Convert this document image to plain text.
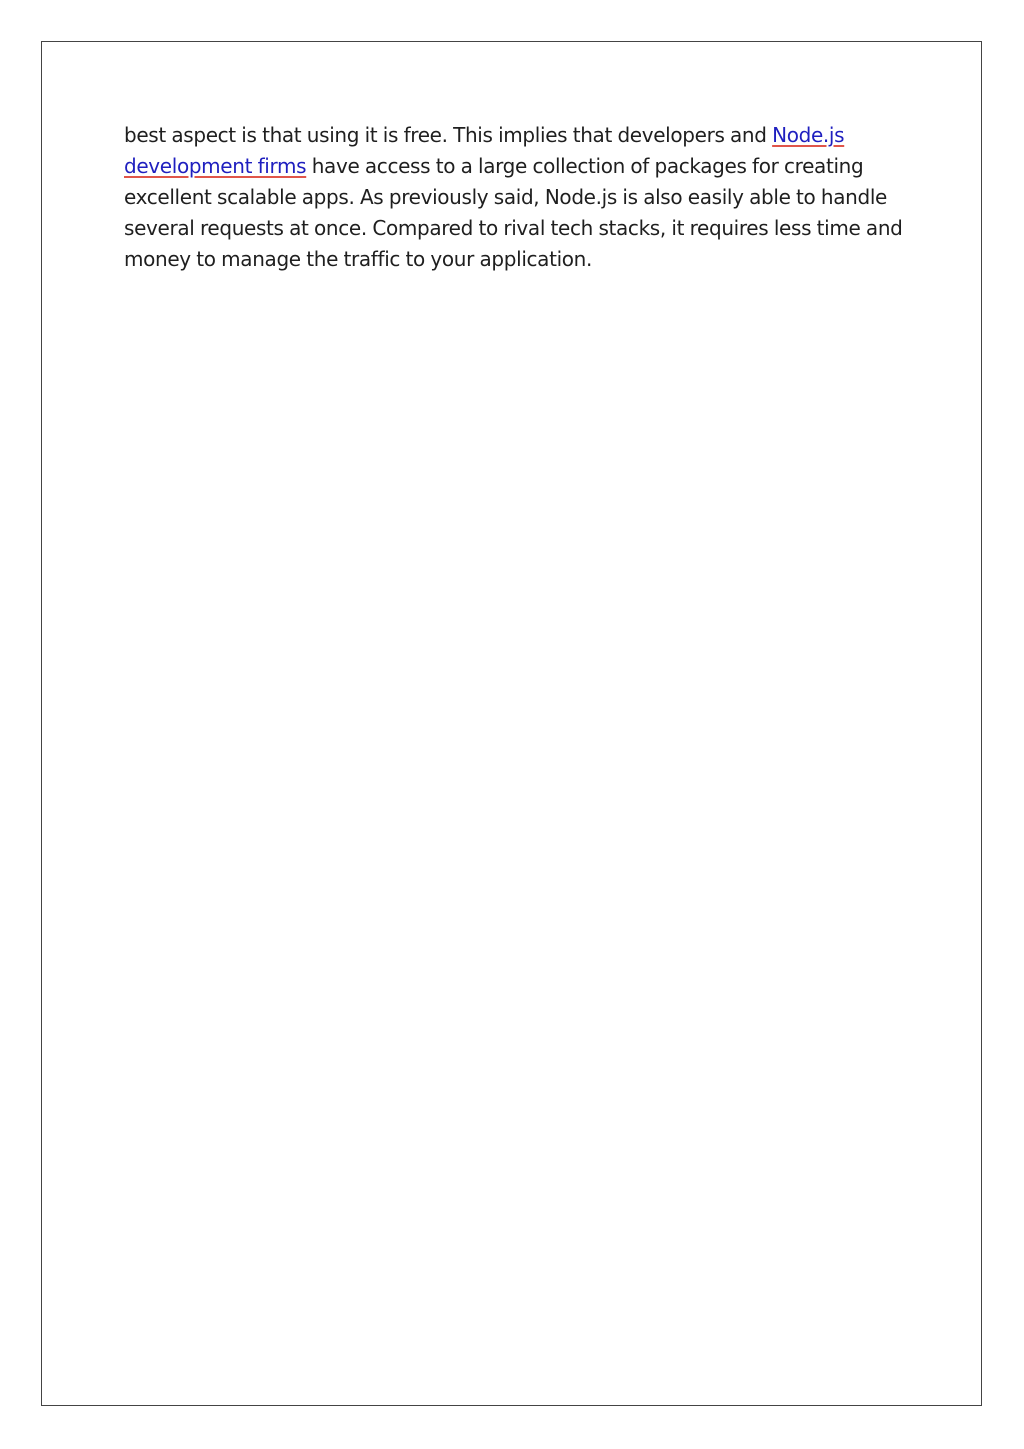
best aspect is that using it is free. This implies that developers and Node.js development firms have access to a large collection of packages for creating excellent scalable apps. As previously said, Node.js is also easily able to handle several requests at once. Compared to rival tech stacks, it requires less time and money to manage the traffic to your application.
